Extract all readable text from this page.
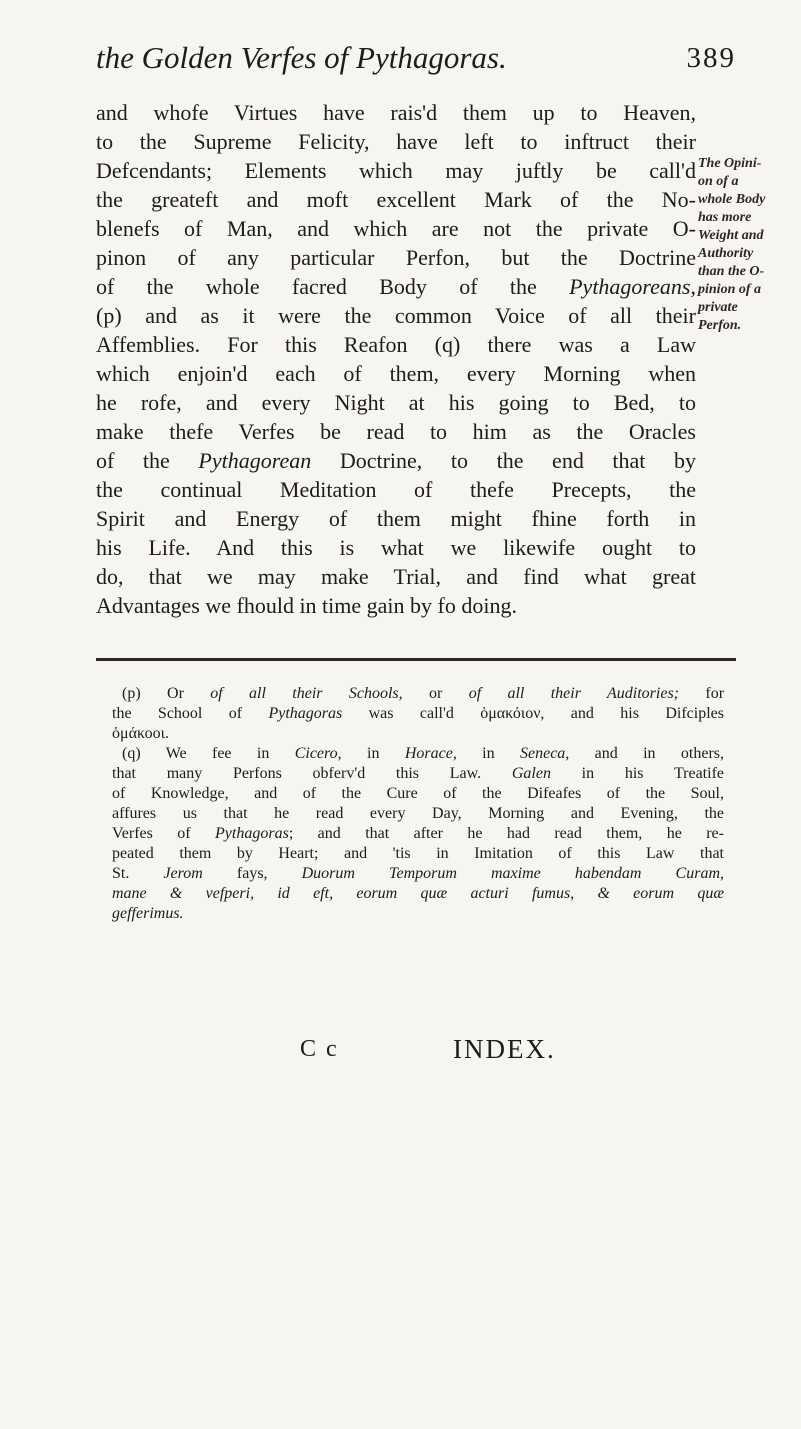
the Golden Verfes of Pythagoras.	389
and whofe Virtues have rais'd them up to Heaven,
to the Supreme Felicity, have left to inftruct their
Defcendants; Elements which may juftly be call'd
the greateft and moft excellent Mark of the No-
blenefs of Man, and which are not the private O-
pinon of any particular Perfon, but the Doctrine
of the whole facred Body of the Pythagoreans,
(p) and as it were the common Voice of all their
Affemblies. For this Reafon (q) there was a Law
which enjoin'd each of them, every Morning when
he rofe, and every Night at his going to Bed, to
make thefe Verfes be read to him as the Oracles
of the Pythagorean Doctrine, to the end that by
the continual Meditation of thefe Precepts, the
Spirit and Energy of them might fhine forth in
his Life. And this is what we likewife ought to
do, that we may make Trial, and find what great
Advantages we fhould in time gain by fo doing.
The Opini-
on of a
whole Body
has more
Weight and
Authority
than the O-
pinion of a
private
Perfon.
(p) Or of all their Schools, or of all their Auditories; for
the School of Pythagoras was call'd ὁμακόιον, and his Difciples
ὁμάκοοι.
(q) We fee in Cicero, in Horace, in Seneca, and in others,
that many Perfons obferv'd this Law. Galen in his Treatife
of Knowledge, and of the Cure of the Difeafes of the Soul,
affures us that he read every Day, Morning and Evening, the
Verfes of Pythagoras; and that after he had read them, he re-
peated them by Heart; and 'tis in Imitation of this Law that
St. Jerom fays, Duorum Temporum maxime habendam Curam,
mane & vefperi, id eft, eorum quæ acturi fumus, & eorum quæ
gefferimus.
C c	INDEX.
